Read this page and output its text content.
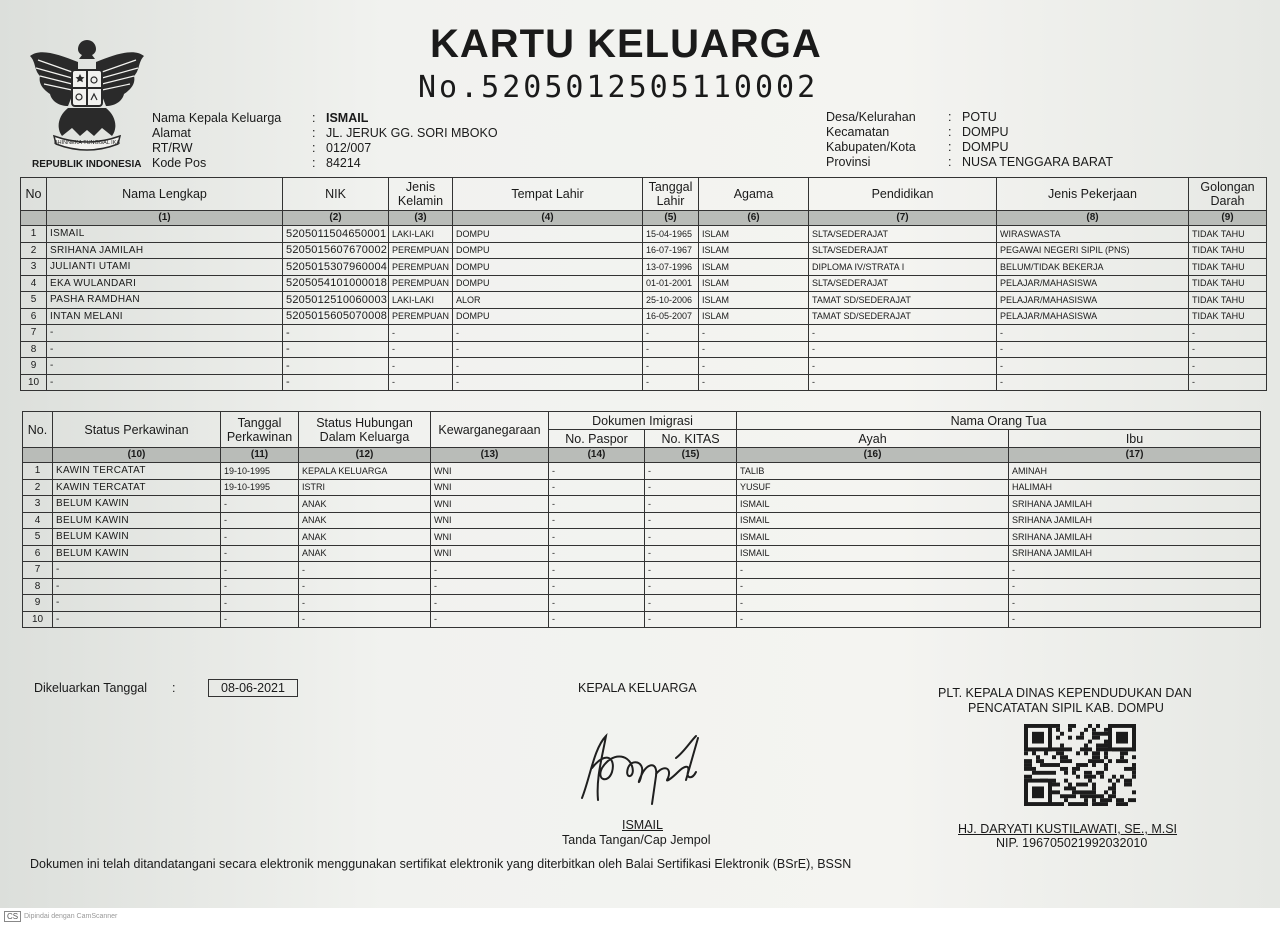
BHINNEKA TUNGGAL IKA
REPUBLIK INDONESIA
KARTU KELUARGA
No.5205012505110002
Nama Kepala Keluarga	: ISMAIL
Alamat	: JL. JERUK GG. SORI MBOKO
RT/RW	: 012/007
Kode Pos	: 84214
Desa/Kelurahan	: POTU
Kecamatan	: DOMPU
Kabupaten/Kota	: DOMPU
Provinsi	: NUSA TENGGARA BARAT
No	Nama Lengkap	NIK	Jenis Kelamin	Tempat Lahir	Tanggal Lahir	Agama	Pendidikan	Jenis Pekerjaan	Golongan Darah
	(1)	(2)	(3)	(4)	(5)	(6)	(7)	(8)	(9)
1	ISMAIL	5205011504650001	LAKI-LAKI	DOMPU	15-04-1965	ISLAM	SLTA/SEDERAJAT	WIRASWASTA	TIDAK TAHU
2	SRIHANA JAMILAH	5205015607670002	PEREMPUAN	DOMPU	16-07-1967	ISLAM	SLTA/SEDERAJAT	PEGAWAI NEGERI SIPIL (PNS)	TIDAK TAHU
3	JULIANTI UTAMI	5205015307960004	PEREMPUAN	DOMPU	13-07-1996	ISLAM	DIPLOMA IV/STRATA I	BELUM/TIDAK BEKERJA	TIDAK TAHU
4	EKA WULANDARI	5205054101000018	PEREMPUAN	DOMPU	01-01-2001	ISLAM	SLTA/SEDERAJAT	PELAJAR/MAHASISWA	TIDAK TAHU
5	PASHA RAMDHAN	5205012510060003	LAKI-LAKI	ALOR	25-10-2006	ISLAM	TAMAT SD/SEDERAJAT	PELAJAR/MAHASISWA	TIDAK TAHU
6	INTAN MELANI	5205015605070008	PEREMPUAN	DOMPU	16-05-2007	ISLAM	TAMAT SD/SEDERAJAT	PELAJAR/MAHASISWA	TIDAK TAHU
7	-	-	-	-	-	-	-	-	-
8	-	-	-	-	-	-	-	-	-
9	-	-	-	-	-	-	-	-	-
10	-	-	-	-	-	-	-	-	-
No.	Status Perkawinan	Tanggal Perkawinan	Status Hubungan Dalam Keluarga	Kewarganegaraan	Dokumen Imigrasi		Nama Orang Tua	
					No. Paspor	No. KITAS	Ayah	Ibu
	(10)	(11)	(12)	(13)	(14)	(15)	(16)	(17)
1	KAWIN TERCATAT	19-10-1995	KEPALA KELUARGA	WNI	-	-	TALIB	AMINAH
2	KAWIN TERCATAT	19-10-1995	ISTRI	WNI	-	-	YUSUF	HALIMAH
3	BELUM KAWIN	-	ANAK	WNI	-	-	ISMAIL	SRIHANA JAMILAH
4	BELUM KAWIN	-	ANAK	WNI	-	-	ISMAIL	SRIHANA JAMILAH
5	BELUM KAWIN	-	ANAK	WNI	-	-	ISMAIL	SRIHANA JAMILAH
6	BELUM KAWIN	-	ANAK	WNI	-	-	ISMAIL	SRIHANA JAMILAH
7	-	-	-	-	-	-	-	-
8	-	-	-	-	-	-	-	-
9	-	-	-	-	-	-	-	-
10	-	-	-	-	-	-	-	-
Dikeluarkan Tanggal :	08-06-2021	KEPALA KELUARGA
ISMAIL
Tanda Tangan/Cap Jempol
PLT. KEPALA DINAS KEPENDUDUKAN DAN
PENCATATAN SIPIL KAB. DOMPU
HJ. DARYATI KUSTILAWATI, SE., M.SI
NIP. 196705021992032010
Dokumen ini telah ditandatangani secara elektronik menggunakan sertifikat elektronik yang diterbitkan oleh Balai Sertifikasi Elektronik (BSrE), BSSN
CS Dipindai dengan CamScanner
